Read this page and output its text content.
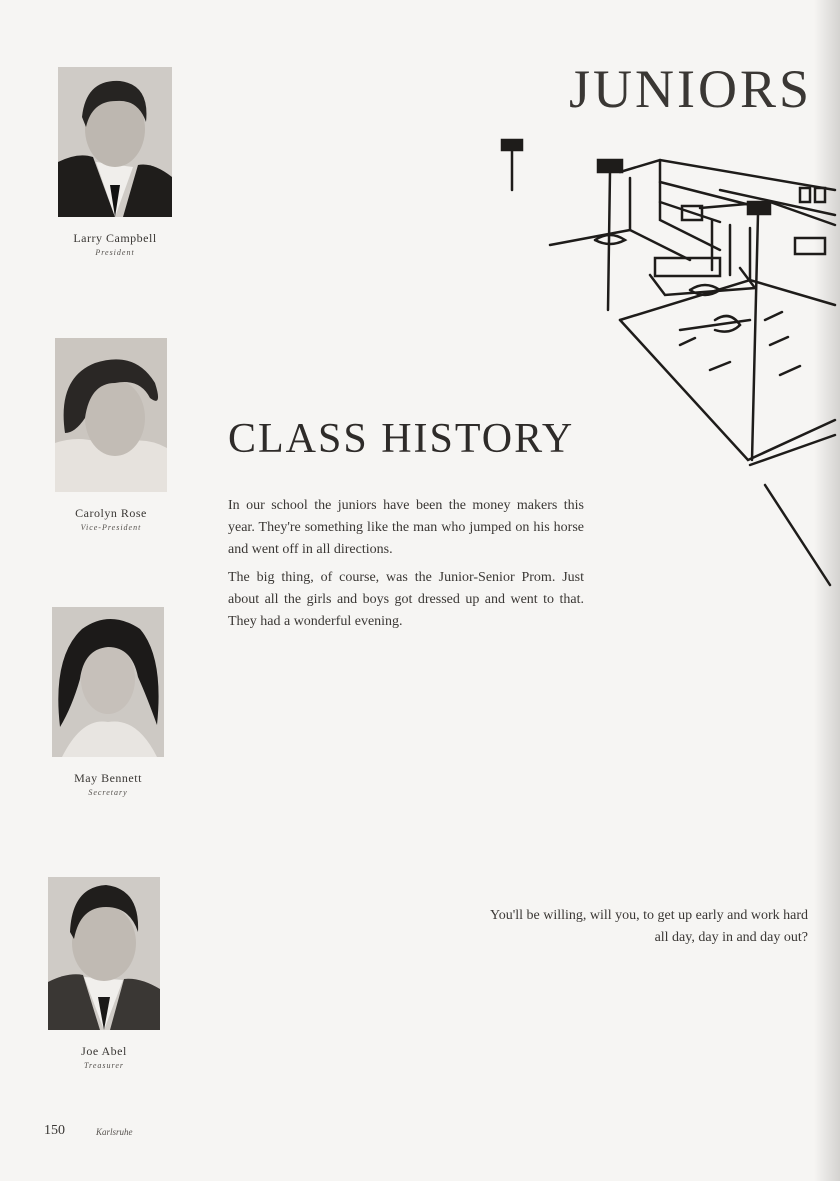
JUNIORS
CLASS HISTORY

In our school the juniors have been the money makers this year. They're something like the man who jumped on his horse and went off in all directions.

The big thing, of course, was the Junior-Senior Prom. Just about all the girls and boys got dressed up and went to that. They had a wonderful evening.

You'll be willing, will you, to get up early and work hard all day, day in and day out?

Larry Campbell
President
Carolyn Rose
Vice-President
May Bennett
Secretary
Joe Abel
Treasurer
150	Karlsruhe
